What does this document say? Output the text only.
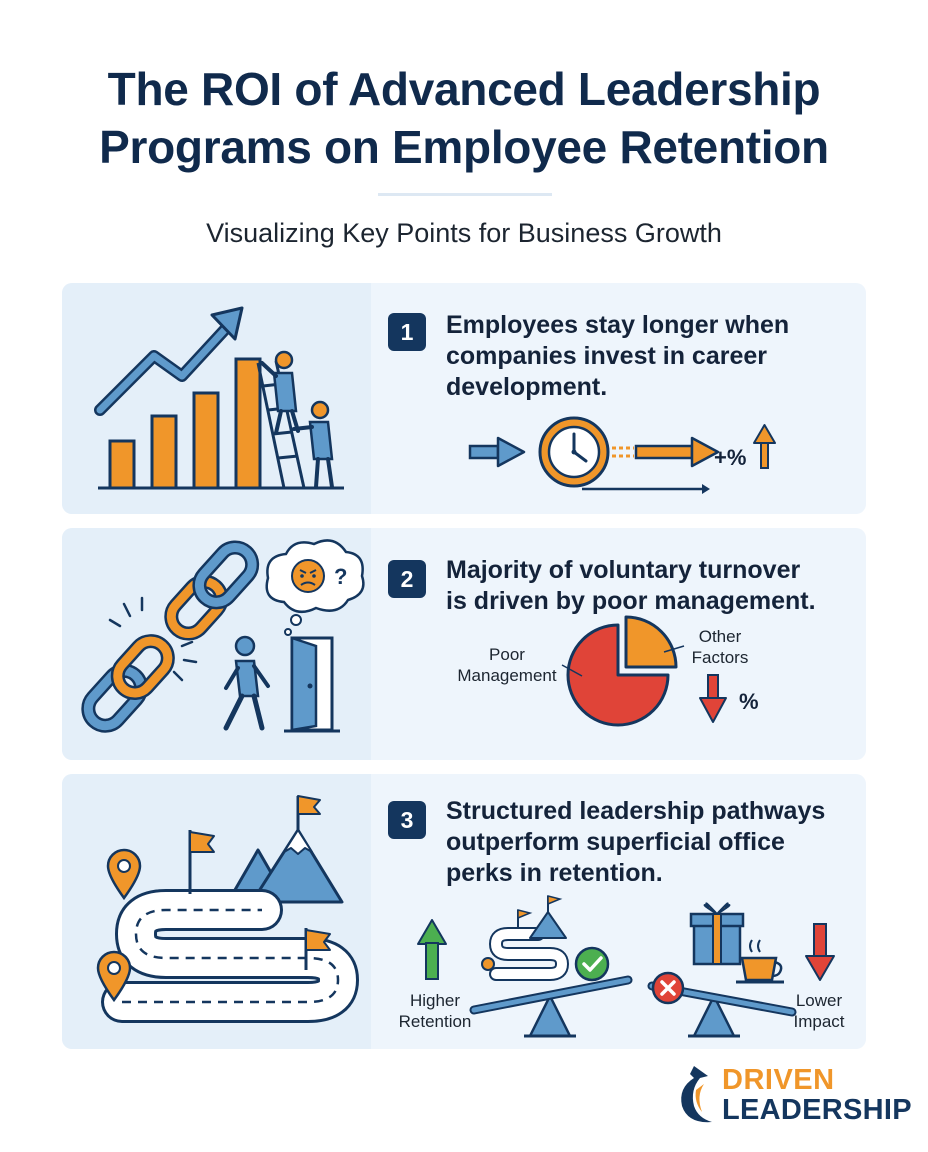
The ROI of Advanced Leadership Programs on Employee Retention
Visualizing Key Points for Business Growth
+%
1	Employees stay longer when companies invest in career development.
?
%
2	Majority of voluntary turnover is driven by poor management.
Poor Management
Other Factors
3	Structured leadership pathways outperform superficial office perks in retention.
Higher Retention
Lower Impact
DRIVEN
LEADERSHIP
